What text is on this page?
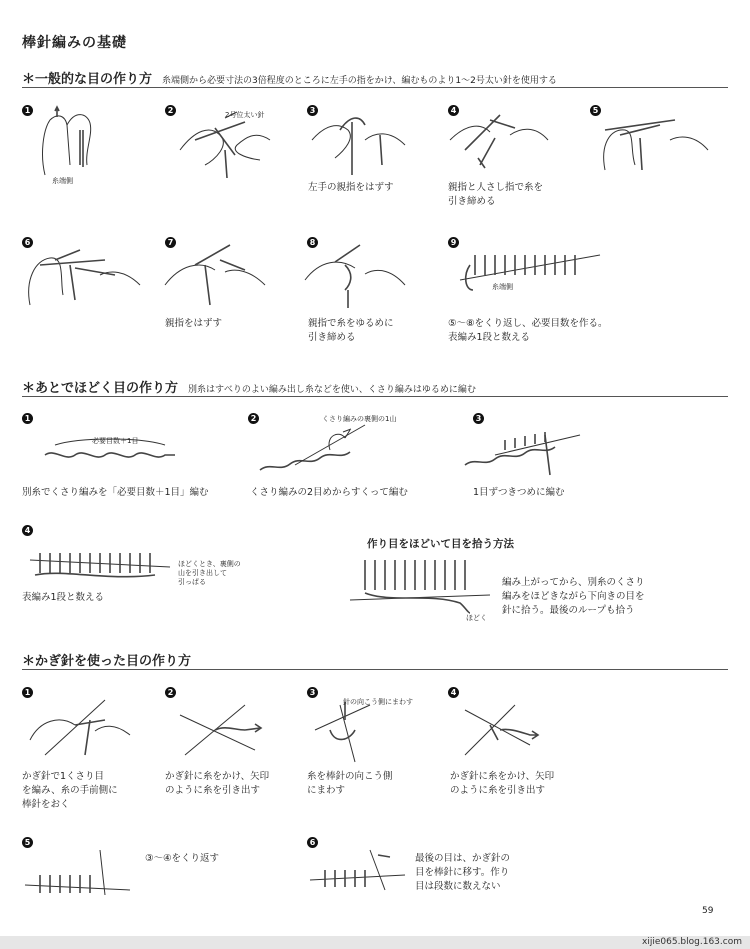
棒針編みの基礎
＊一般的な目の作り方 糸端側から必要寸法の3倍程度のところに左手の指をかけ、編むものより1～2号太い針を使用する
1
糸端側
2	2号位太い針	3
左手の親指をはずす
4
親指と人さし指で糸を
引き締める
5
6	7
親指をはずす
8
親指で糸をゆるめに
引き締める
9
糸端側
⑤～⑧をくり返し、必要目数を作る。
表編み1段と数える
＊あとでほどく目の作り方 別糸はすべりのよい編み出し糸などを使い、くさり編みはゆるめに編む
1
必要目数＋1目
別糸でくさり編みを「必要目数＋1目」編む
2	くさり編みの裏側の1山
くさり編みの2目めからすくって編む
3
1目ずつきつめに編む
4
ほどくとき、裏側の
山を引き出して
引っぱる
表編み1段と数える
作り目をほどいて目を拾う方法
ほどく
編み上がってから、別糸のくさり
編みをほどきながら下向きの目を
針に拾う。最後のループも拾う
＊かぎ針を使った目の作り方
1
かぎ針で1くさり目
を編み、糸の手前側に
棒針をおく
2
かぎ針に糸をかけ、矢印
のように糸を引き出す
3
針の向こう側にまわす
糸を棒針の向こう側
にまわす
4
かぎ針に糸をかけ、矢印
のように糸を引き出す
5
③～④をくり返す
6
最後の目は、かぎ針の
目を棒針に移す。作り
目は段数に数えない
59
xijie065.blog.163.com
